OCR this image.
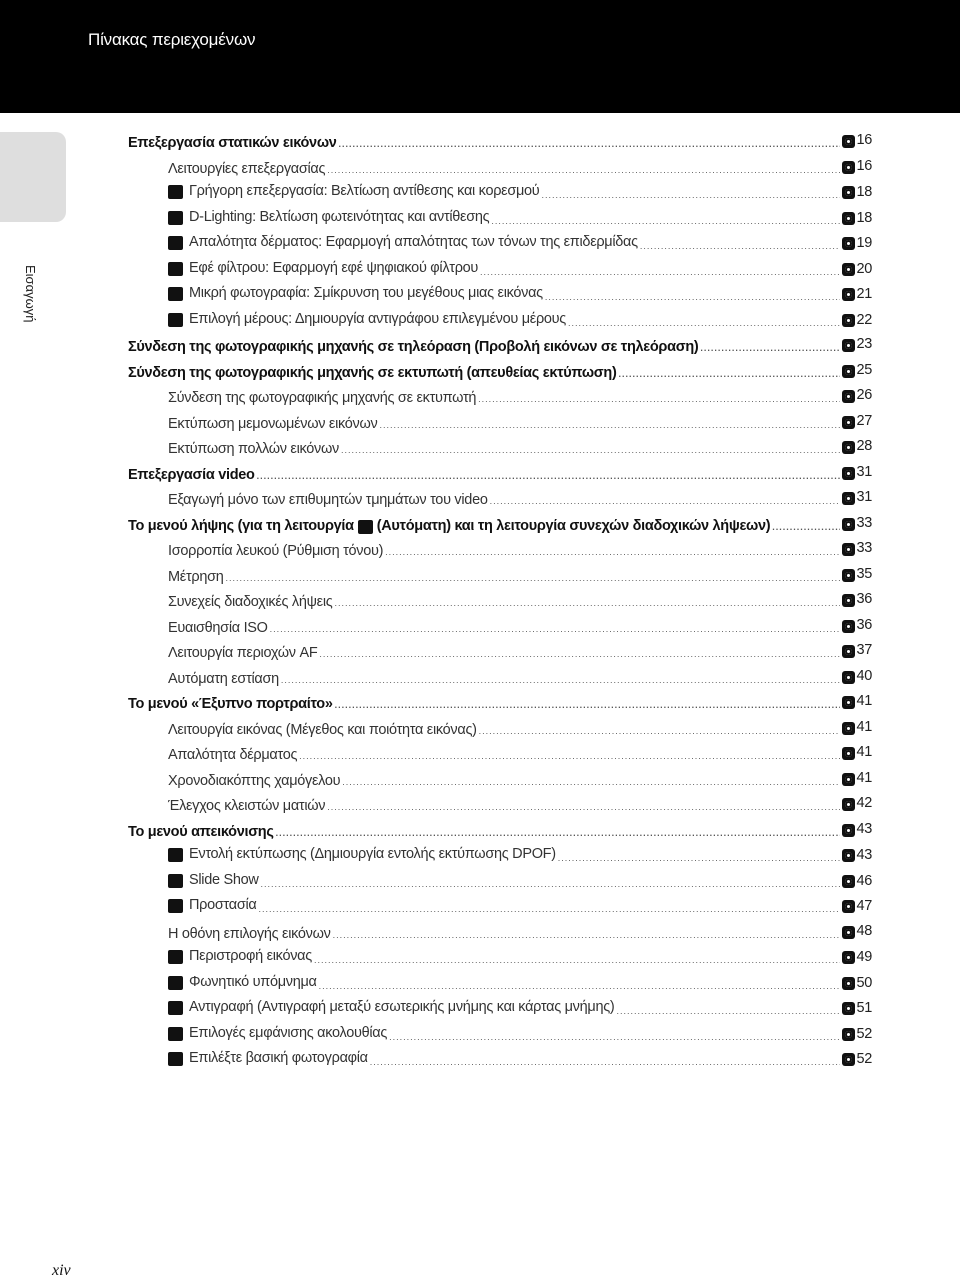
Πίνακας περιεχομένων
Εισαγωγή
Επεξεργασία στατικών εικόνων .....	16
Λειτουργίες επεξεργασίας .....	16
Γρήγορη επεξεργασία: Βελτίωση αντίθεσης και κορεσμού .....	18
D-Lighting: Βελτίωση φωτεινότητας και αντίθεσης .....	18
Απαλότητα δέρματος: Εφαρμογή απαλότητας των τόνων της επιδερμίδας .....	19
Εφέ φίλτρου: Εφαρμογή εφέ ψηφιακού φίλτρου .....	20
Μικρή φωτογραφία: Σμίκρυνση του μεγέθους μιας εικόνας .....	21
Επιλογή μέρους: Δημιουργία αντιγράφου επιλεγμένου μέρους .....	22
Σύνδεση της φωτογραφικής μηχανής σε τηλεόραση (Προβολή εικόνων σε τηλεόραση) .....	23
Σύνδεση της φωτογραφικής μηχανής σε εκτυπωτή (απευθείας εκτύπωση) .....	25
Σύνδεση της φωτογραφικής μηχανής σε εκτυπωτή .....	26
Εκτύπωση μεμονωμένων εικόνων .....	27
Εκτύπωση πολλών εικόνων .....	28
Επεξεργασία video .....	31
Εξαγωγή μόνο των επιθυμητών τμημάτων του video .....	31
Το μενού λήψης (για τη λειτουργία (Αυτόματη) και τη λειτουργία συνεχών διαδοχικών λήψεων) .....	33
Ισορροπία λευκού (Ρύθμιση τόνου) .....	33
Μέτρηση .....	35
Συνεχείς διαδοχικές λήψεις .....	36
Ευαισθησία ISO .....	36
Λειτουργία περιοχών AF .....	37
Αυτόματη εστίαση .....	40
Το μενού «Έξυπνο πορτραίτο» .....	41
Λειτουργία εικόνας (Μέγεθος και ποιότητα εικόνας) .....	41
Απαλότητα δέρματος .....	41
Χρονοδιακόπτης χαμόγελου .....	41
Έλεγχος κλειστών ματιών .....	42
Το μενού απεικόνισης .....	43
Εντολή εκτύπωσης (Δημιουργία εντολής εκτύπωσης DPOF) .....	43
Slide Show .....	46
Προστασία .....	47
Η οθόνη επιλογής εικόνων .....	48
Περιστροφή εικόνας .....	49
Φωνητικό υπόμνημα .....	50
Αντιγραφή (Αντιγραφή μεταξύ εσωτερικής μνήμης και κάρτας μνήμης) .....	51
Επιλογές εμφάνισης ακολουθίας .....	52
Επιλέξτε βασική φωτογραφία .....	52
xiv
